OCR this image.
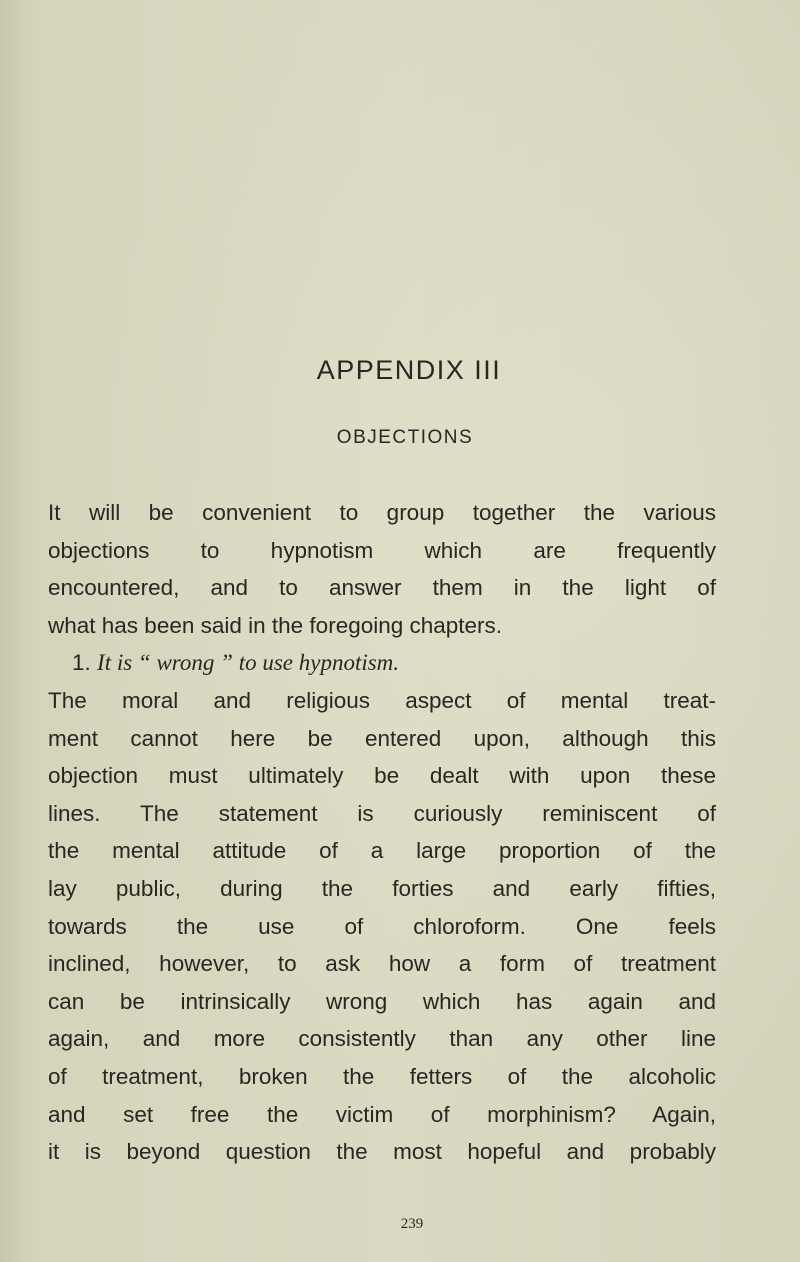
APPENDIX III
OBJECTIONS
It will be convenient to group together the various
objections to hypnotism which are frequently
encountered, and to answer them in the light of
what has been said in the foregoing chapters.
1. It is “ wrong ” to use hypnotism.
The moral and religious aspect of mental treat-
ment cannot here be entered upon, although this
objection must ultimately be dealt with upon these
lines. The statement is curiously reminiscent of
the mental attitude of a large proportion of the
lay public, during the forties and early fifties,
towards the use of chloroform. One feels
inclined, however, to ask how a form of treatment
can be intrinsically wrong which has again and
again, and more consistently than any other line
of treatment, broken the fetters of the alcoholic
and set free the victim of morphinism? Again,
it is beyond question the most hopeful and probably
239
